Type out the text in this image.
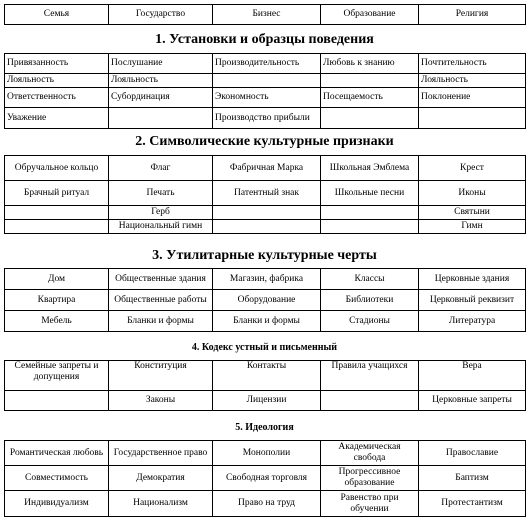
Семья	Государство	Бизнес	Образование	Религия
1. Установки и образцы поведения
Привязанность	Послушание	Производительность	Любовь к знанию	Почтительность
Лояльность	Лояльность			Лояльность
Ответственность	Субординация	Экономность	Посещаемость	Поклонение
Уважение		Производство прибыли		
2. Символические культурные признаки
Обручальное кольцо	Флаг	Фабричная Марка	Школьная Эмблема	Крест
Брачный ритуал	Печать	Патентный знак	Школьные песни	Иконы
	Герб			Святыни
	Национальный гимн			Гимн
3. Утилитарные культурные черты
Дом	Общественные здания	Магазин, фабрика	Классы	Церковные здания
Квартира	Общественные работы	Оборудование	Библиотеки	Церковный реквизит
Мебель	Бланки и формы	Бланки и формы	Стадионы	Литература
4. Кодекс устный и письменный
Семейные запреты и допущения	Конституция	Контакты	Правила учащихся	Вера
	Законы	Лицензии		Церковные запреты
5. Идеология
Романтическая любовь	Государственное право	Монополии	Академическая свобода	Православие
Совместимость	Демократия	Свободная торговля	Прогрессивное образование	Баптизм
Индивидуализм	Национализм	Право на труд	Равенство при обучении	Протестантизм
